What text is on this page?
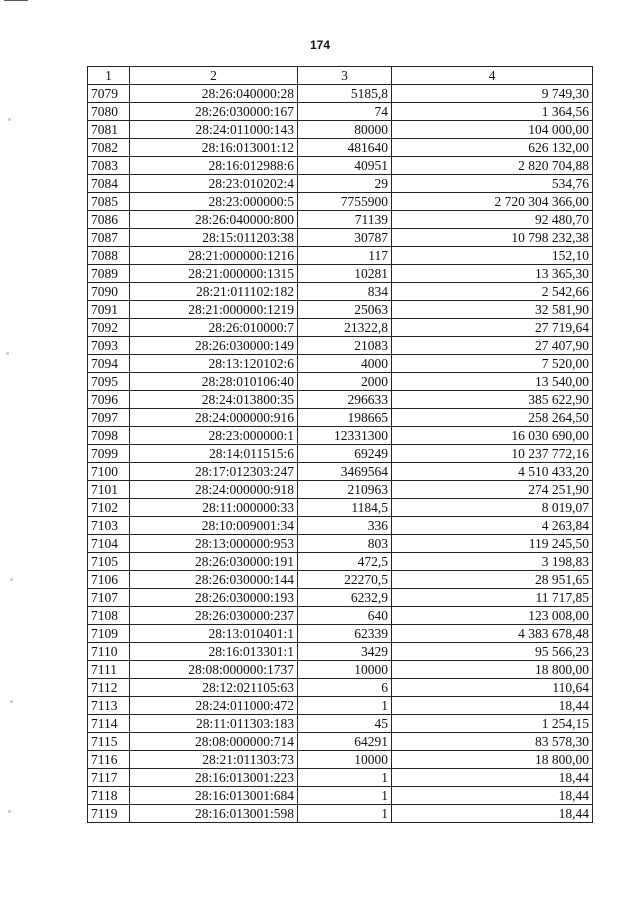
174
1	2	3	4
7079	28:26:040000:28	5185,8	9 749,30
7080	28:26:030000:167	74	1 364,56
7081	28:24:011000:143	80000	104 000,00
7082	28:16:013001:12	481640	626 132,00
7083	28:16:012988:6	40951	2 820 704,88
7084	28:23:010202:4	29	534,76
7085	28:23:000000:5	7755900	2 720 304 366,00
7086	28:26:040000:800	71139	92 480,70
7087	28:15:011203:38	30787	10 798 232,38
7088	28:21:000000:1216	117	152,10
7089	28:21:000000:1315	10281	13 365,30
7090	28:21:011102:182	834	2 542,66
7091	28:21:000000:1219	25063	32 581,90
7092	28:26:010000:7	21322,8	27 719,64
7093	28:26:030000:149	21083	27 407,90
7094	28:13:120102:6	4000	7 520,00
7095	28:28:010106:40	2000	13 540,00
7096	28:24:013800:35	296633	385 622,90
7097	28:24:000000:916	198665	258 264,50
7098	28:23:000000:1	12331300	16 030 690,00
7099	28:14:011515:6	69249	10 237 772,16
7100	28:17:012303:247	3469564	4 510 433,20
7101	28:24:000000:918	210963	274 251,90
7102	28:11:000000:33	1184,5	8 019,07
7103	28:10:009001:34	336	4 263,84
7104	28:13:000000:953	803	119 245,50
7105	28:26:030000:191	472,5	3 198,83
7106	28:26:030000:144	22270,5	28 951,65
7107	28:26:030000:193	6232,9	11 717,85
7108	28:26:030000:237	640	123 008,00
7109	28:13:010401:1	62339	4 383 678,48
7110	28:16:013301:1	3429	95 566,23
7111	28:08:000000:1737	10000	18 800,00
7112	28:12:021105:63	6	110,64
7113	28:24:011000:472	1	18,44
7114	28:11:011303:183	45	1 254,15
7115	28:08:000000:714	64291	83 578,30
7116	28:21:011303:73	10000	18 800,00
7117	28:16:013001:223	1	18,44
7118	28:16:013001:684	1	18,44
7119	28:16:013001:598	1	18,44
